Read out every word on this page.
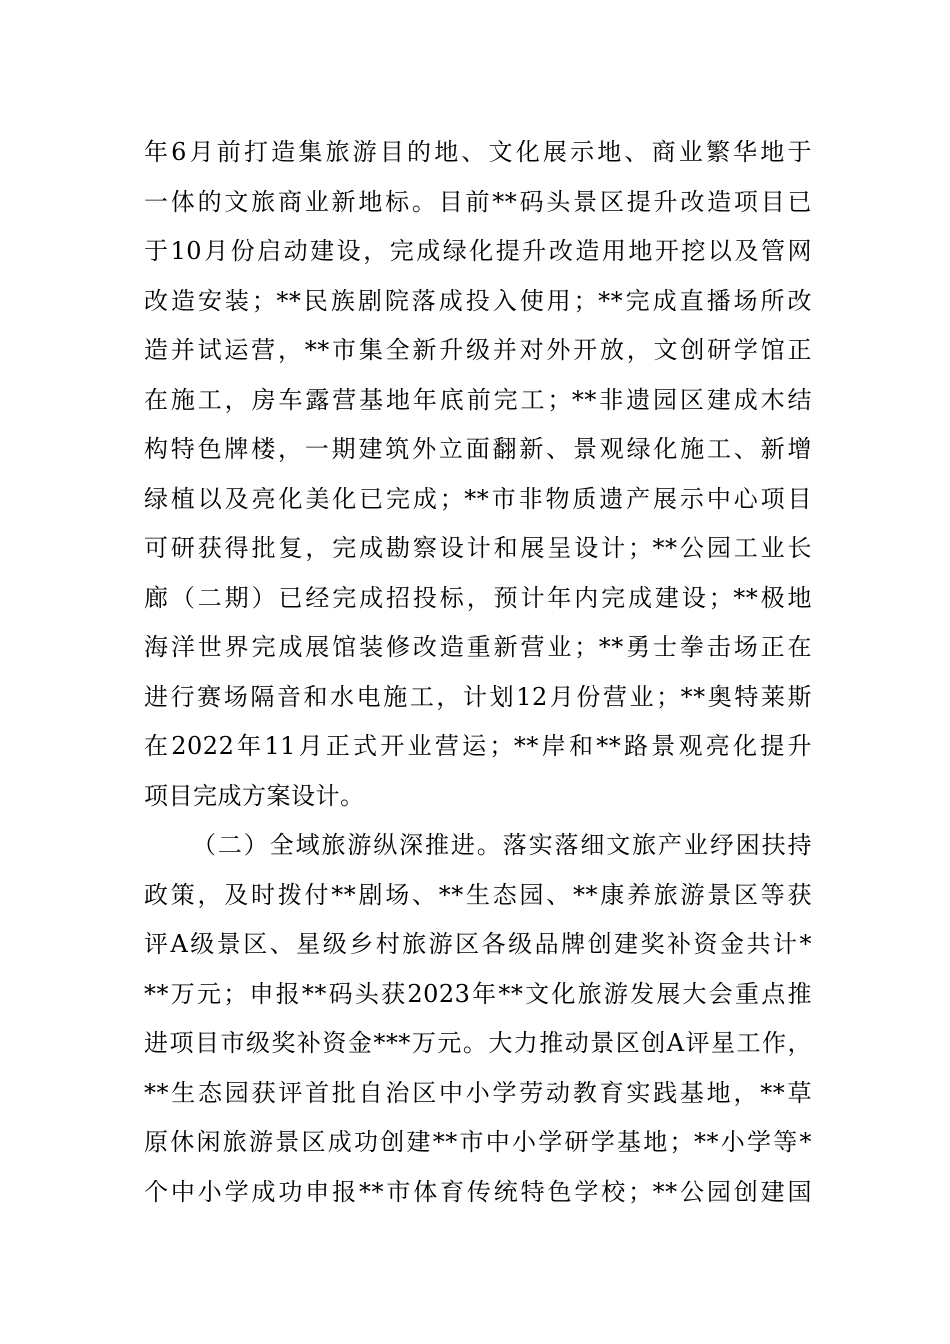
年6月前打造集旅游目的地、文化展示地、商业繁华地于
一体的文旅商业新地标。目前**码头景区提升改造项目已
于10月份启动建设，完成绿化提升改造用地开挖以及管网
改造安装；**民族剧院落成投入使用；**完成直播场所改
造并试运营，**市集全新升级并对外开放，文创研学馆正
在施工，房车露营基地年底前完工；**非遗园区建成木结
构特色牌楼，一期建筑外立面翻新、景观绿化施工、新增
绿植以及亮化美化已完成；**市非物质遗产展示中心项目
可研获得批复，完成勘察设计和展呈设计；**公园工业长
廊（二期）已经完成招投标，预计年内完成建设；**极地
海洋世界完成展馆装修改造重新营业；**勇士拳击场正在
进行赛场隔音和水电施工，计划12月份营业；**奥特莱斯
在2022年11月正式开业营运；**岸和**路景观亮化提升
项目完成方案设计。
（二）全域旅游纵深推进。落实落细文旅产业纾困扶持
政策，及时拨付**剧场、**生态园、**康养旅游景区等获
评A级景区、星级乡村旅游区各级品牌创建奖补资金共计*
**万元；申报**码头获2023年**文化旅游发展大会重点推
进项目市级奖补资金***万元。大力推动景区创A评星工作，
**生态园获评首批自治区中小学劳动教育实践基地，**草
原休闲旅游景区成功创建**市中小学研学基地；**小学等*
个中小学成功申报**市体育传统特色学校；**公园创建国
